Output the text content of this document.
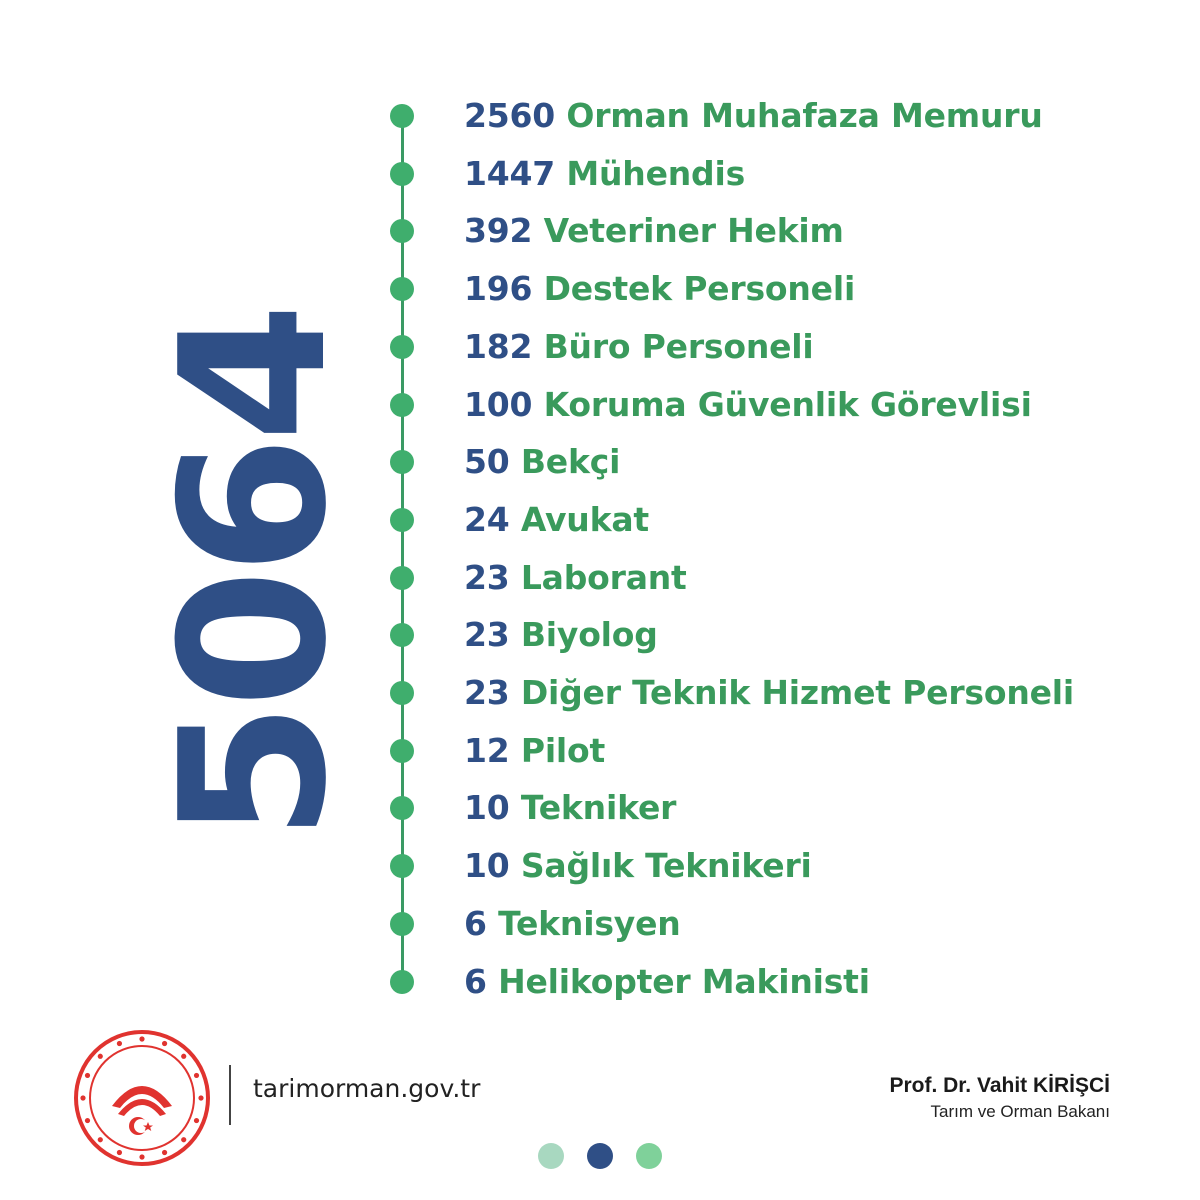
5064
2560 Orman Muhafaza Memuru
1447 Mühendis
392 Veteriner Hekim
196 Destek Personeli
182 Büro Personeli
100 Koruma Güvenlik Görevlisi
50 Bekçi
24 Avukat
23 Laborant
23 Biyolog
23 Diğer Teknik Hizmet Personeli
12 Pilot
10 Tekniker
10 Sağlık Teknikeri
6 Teknisyen
6 Helikopter Makinisti
tarimorman.gov.tr	Prof. Dr. Vahit KİRİŞCİ
Tarım ve Orman Bakanı
